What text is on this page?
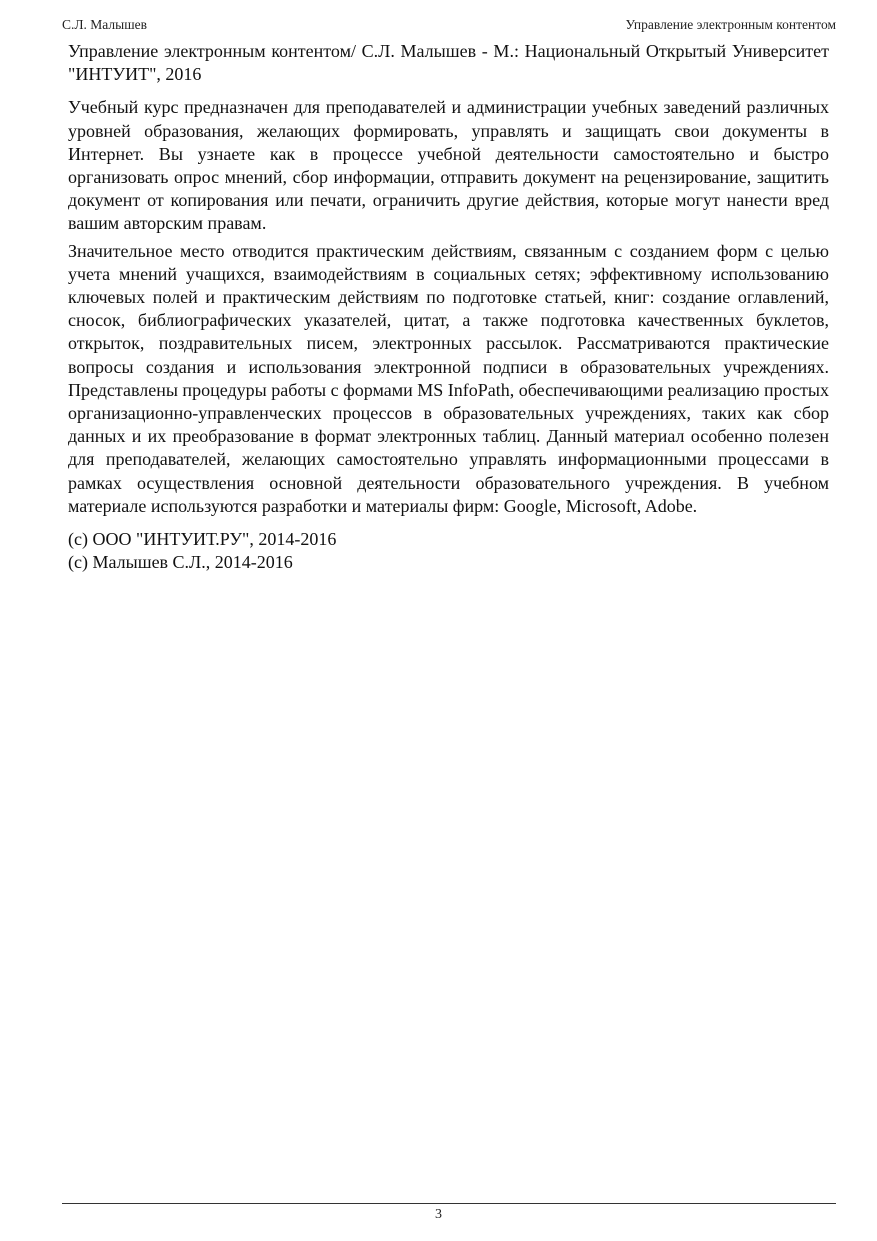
С.Л. Малышев	Управление электронным контентом

Управление электронным контентом/ С.Л. Малышев - М.: Национальный Открытый Университет "ИНТУИТ", 2016

Учебный курс предназначен для преподавателей и администрации учебных заведений различных уровней образования, желающих формировать, управлять и защищать свои документы в Интернет. Вы узнаете как в процессе учебной деятельности самостоятельно и быстро организовать опрос мнений, сбор информации, отправить документ на рецензирование, защитить документ от копирования или печати, ограничить другие действия, которые могут нанести вред вашим авторским правам.

Значительное место отводится практическим действиям, связанным с созданием форм с целью учета мнений учащихся, взаимодействиям в социальных сетях; эффективному использованию ключевых полей и практическим действиям по подготовке статьей, книг: создание оглавлений, сносок, библиографических указателей, цитат, а также подготовка качественных буклетов, открыток, поздравительных писем, электронных рассылок. Рассматриваются практические вопросы создания и использования электронной подписи в образовательных учреждениях. Представлены процедуры работы с формами MS InfoPath, обеспечивающими реализацию простых организационно-управленческих процессов в образовательных учреждениях, таких как сбор данных и их преобразование в формат электронных таблиц. Данный материал особенно полезен для преподавателей, желающих самостоятельно управлять информационными процессами в рамках осуществления основной деятельности образовательного учреждения. В учебном материале используются разработки и материалы фирм: Google, Microsoft, Adobe.

(c) ООО "ИНТУИТ.РУ", 2014-2016

(c) Малышев С.Л., 2014-2016

3
